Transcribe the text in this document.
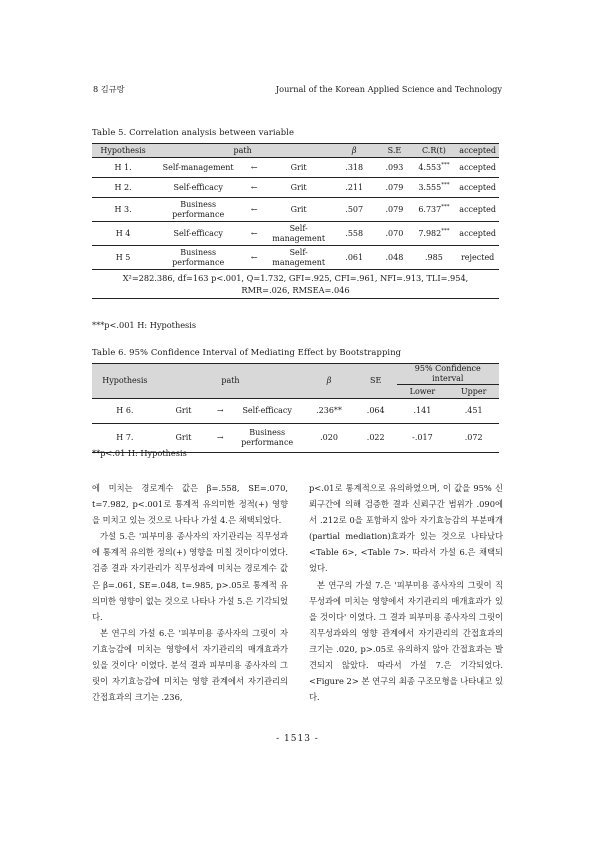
8 김규랑	Journal of the Korean Applied Science and Technology
Table 5. Correlation analysis between variable
Hypothesis	path			β	S.E	C.R(t)	accepted
H 1.	Self-management	←	Grit	.318	.093	4.553***	accepted
H 2.	Self-efficacy	←	Grit	.211	.079	3.555***	accepted
H 3.	Business performance	←	Grit	.507	.079	6.737***	accepted
H 4	Self-efficacy	←	Self-management	.558	.070	7.982***	accepted
H 5	Business performance	←	Self-management	.061	.048	.985	rejected

X²=282.386, df=163 p<.001, Q=1.732, GFI=.925, CFI=.961, NFI=.913, TLI=.954,
RMR=.026, RMSEA=.046							
***p<.001 H: Hypothesis
Table 6. 95% Confidence Interval of Mediating Effect by Bootstrapping
Hypothesis	path			β	SE	95% Confidence interval	
						Lower	Upper
H 6.	Grit	→	Self-efficacy	.236**	.064	.141	.451
H 7.	Grit	→	Business performance	.020	.022	-.017	.072
**p<.01 H: Hypothesis

에 미치는 경로계수 값은 β=.558, SE=.070, t=7.982, p<.001로 통계적 유의미한 정적(+) 영향을 미치고 있는 것으로 나타나 가설 4.은 채택되었다.

가설 5.은 '피부미용 종사자의 자기관리는 직무성과에 통계적 유의한 정의(+) 영향을 미칠 것이다'이였다. 검증 결과 자기관리가 직무성과에 미치는 경로계수 값은 β=.061, SE=.048, t=.985, p>.05로 통계적 유의미한 영향이 없는 것으로 나타나 가설 5.은 기각되었다.

본 연구의 가설 6.은 '피부미용 종사자의 그릿이 자기효능감에 미치는 영향에서 자기관리의 매개효과가 있을 것이다' 이였다. 분석 결과 피부미용 종사자의 그릿이 자기효능감에 미치는 영향 관계에서 자기관리의 간접효과의 크기는 .236,

p<.01로 통계적으로 유의하였으며, 이 값을 95% 신뢰구간에 의해 검증한 결과 신뢰구간 범위가 .090에서 .212로 0을 포함하지 않아 자기효능감의 부분매개(partial mediation)효과가 있는 것으로 나타났다<Table 6>, <Table 7>. 따라서 가설 6.은 채택되었다.

본 연구의 가설 7.은 '피부미용 종사자의 그릿이 직무성과에 미치는 영향에서 자기관리의 매개효과가 있을 것이다' 이였다. 그 결과 피부미용 종사자의 그릿이 직무성과와의 영향 관계에서 자기관리의 간접효과의 크기는 .020, p>.05로 유의하지 않아 간접효과는 발견되지 않았다. 따라서 가설 7.은 기각되었다. <Figure 2> 본 연구의 최종 구조모형을 나타내고 있다.

- 1513 -
